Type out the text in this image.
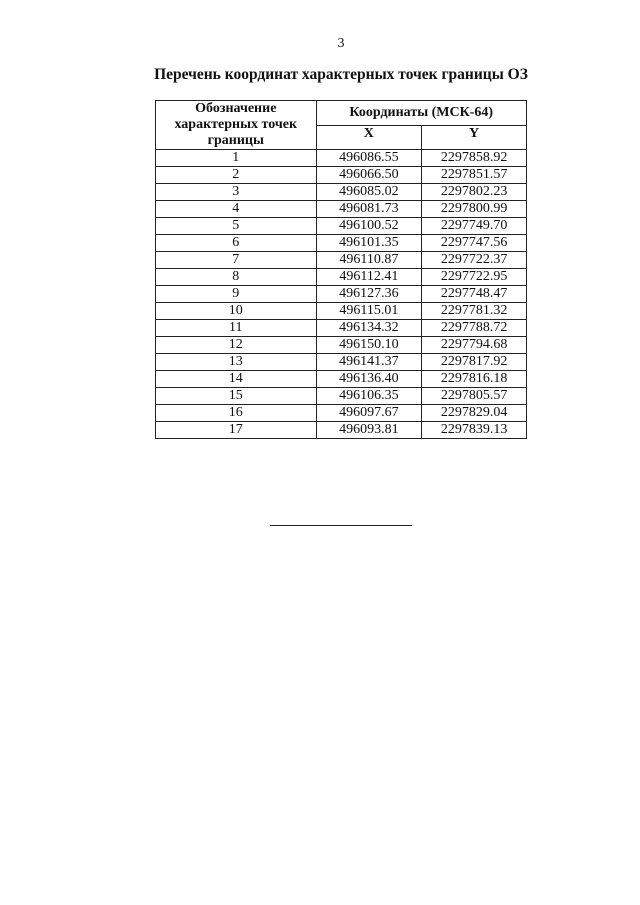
3
Перечень координат характерных точек границы ОЗ
Обозначение
характерных точек
границы	Координаты (МСК-64)	
	X	Y
1	496086.55	2297858.92
2	496066.50	2297851.57
3	496085.02	2297802.23
4	496081.73	2297800.99
5	496100.52	2297749.70
6	496101.35	2297747.56
7	496110.87	2297722.37
8	496112.41	2297722.95
9	496127.36	2297748.47
10	496115.01	2297781.32
11	496134.32	2297788.72
12	496150.10	2297794.68
13	496141.37	2297817.92
14	496136.40	2297816.18
15	496106.35	2297805.57
16	496097.67	2297829.04
17	496093.81	2297839.13
